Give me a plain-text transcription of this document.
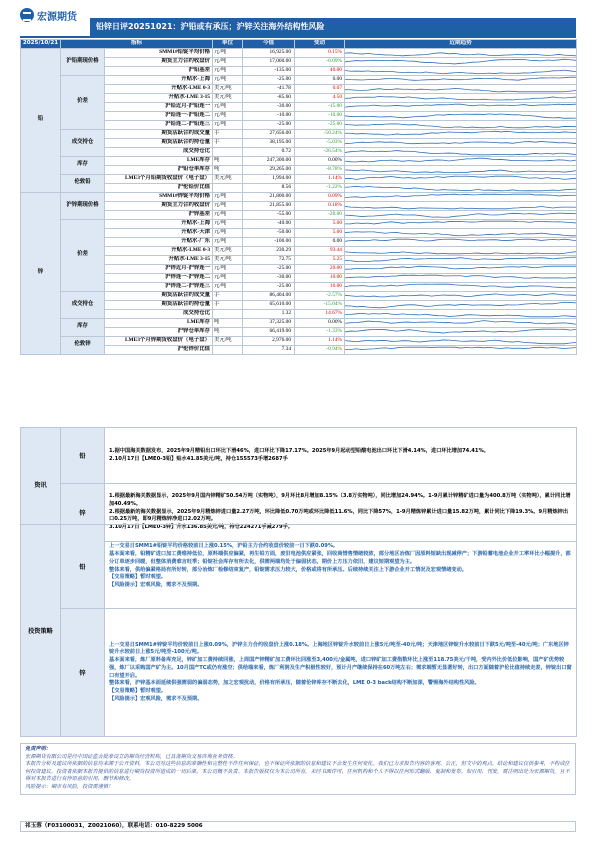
宏源期货
铅锌日评20251021：沪铅或有承压；沪锌关注海外结构性风险
2025/10/21	指标		单位	今值	变动	近期趋势
铅	沪铅期现价格	SMM1#铅锭平均价格	元/吨	16,925.00	0.15%	

		期货主力合约收盘价	元/吨	17,060.00	-0.09%	

		沪铅基差	元/吨	-135.00	40.00	

	价差	升贴水-上海	元/吨	-25.00	0.00	

		升贴水-LME 0-3	美元/吨	-41.78	0.07	

		升贴水-LME 3-15	美元/吨	-85.60	4.50	

		沪铅近月-沪铅连一	元/吨	-30.00	-15.00	

		沪铅连一-沪铅连二	元/吨	-10.00	-10.00	

		沪铅连二-沪铅连三	元/吨	-25.00	-25.00	

	成交持仓	期货活跃合约成交量	手	27,656.00	-50.24%	

		期货活跃合约持仓量	手	38,195.00	-5.03%	

		成交持仓比		0.72	-26.54%	

	库存	LME库存	吨	247,300.00	0.00%	

		沪铅仓单库存	吨	29,265.00	-8.78%	

	伦敦铅	LME3个月铅期货收盘价（电子盘）	美元/吨	1,994.00	1.14%	

		沪伦铅价比值		8.56	-1.22%	

锌	沪锌期现价格	SMM1#锌锭平均价格	元/吨	21,800.00	0.09%	

		期货主力合约收盘价	元/吨	21,855.00	0.18%	

		沪锌基差	元/吨	-55.00	-20.00	

	价差	升贴水-上海	元/吨	-40.00	5.00	

		升贴水-天津	元/吨	-50.00	5.00	

		升贴水-广东	元/吨	-100.00	0.00	

		升贴水-LME 0-3	美元/吨	230.29	93.44	

		升贴水-LME 3-15	美元/吨	72.75	5.25	

		沪锌近月-沪锌连一	元/吨	-25.00	20.00	

		沪锌连一-沪锌连二	元/吨	-30.00	10.00	

		沪锌连二-沪锌连三	元/吨	-25.00	10.00	

	成交持仓	期货活跃合约成交量	手	86,404.00	-2.57%	

		期货活跃合约持仓量	手	65,610.00	-15.04%	

		成交持仓比		1.32	14.67%	

	库存	LME库存	吨	37,325.00	0.00%	

		沪锌仓单库存	吨	66,419.00	-1.33%	

	伦敦锌	LME3个月锌期货收盘价（电子盘）	美元/吨	2,976.00	1.14%	

		沪伦锌价比值		7.34	-0.94%	
资讯	铅	1.据中国海关数据发布，2025年9月精铅出口环比下滑46%，进口环比下降17.17%。2025年9月起动型铅酸电池出口环比下滑4.14%，进口环比增加74.41%。

2.10月17日【LME0-3铅】贴水41.85美元/吨，持仓155573手增2687手

	锌	1.根据最新海关数据显示，2025年9月国内锌精矿50.54万吨（实物吨），9月环比8月增加8.15%（3.8万实物吨），同比增加24.94%。1-9月累计锌精矿进口量为400.8万吨（实物吨），累计同比增加40.49%。

2.根据最新的海关数据显示，2025年9月精炼锌进口量2.27万吨，环比降低0.70万吨或环比降低11.6%，同比下降57%，1-9月精炼锌累计进口量15.82万吨，累计同比下降19.3%。9月精炼锌出口0.25万吨，即9月精炼锌净进口2.02万吨。

3.10月17日【LME0-3锌】升水136.85美元/吨，持仓224271手减279手。

投资策略	铅	上一交易日SMM1#铅锭平均价格较前日上涨0.15%，沪铅主力合约收盘价较前一日下跌0.09%。

基本面来看，铅精矿进口加工费维持低位，原料端供应偏紧，再生铅方面，废旧电池供应紧张，回收商惜售情绪较浓，部分地区冶炼厂因原料短缺出现减停产；下游铅蓄电池企业开工率环比小幅提升，部分订单逐步回暖，但整体消费难言旺季；铅锭社会库存有所去化，供需两端均处于偏弱状态，期价上方压力依旧，建议短期观望为主。

整体来看，供给偏紧格局有所好转，部分冶炼厂检修结束复产，铅锭需求压力较大，价格或将有所承压。后续持续关注上下游企业开工情况及宏观情绪变动。

【交易策略】暂时观望。

【风险提示】宏观风险，需求不及预期。

	锌	上一交易日SMM1#锌锭平均价较前日上涨0.09%，沪锌主力合约收盘价上涨0.18%。上海地区锌锭升水较前日上涨5元/吨至-40元/吨；天津地区锌锭升水较前日下跌5元/吨至-40元/吨；广东地区锌锭升水较前日上涨5元/吨至-100元/吨。

基本面来看，炼厂原料备库充足，锌矿加工费持续回涨，上周国产锌精矿加工费环比回涨至3,400元/金属吨，进口锌矿加工费指数环比上涨至118.75美元/干吨，受内外比价低位影响，国产矿优势较强，炼厂以采购国产矿为主。10月国产TC或仍有涨空；供给端来看，炼厂利润及生产积极性较好，预计月产继续保持在60万吨左右；需求端暂无显著好转，出口方面随着沪伦比值持续走差，锌锭出口窗口有望开启。

整体来看，沪锌基本面延续供强需弱的偏弱态势，加之宏观扰动，价格有所承压，随着伦锌库存不断去化，LME 0-3 back结构不断加深，警惕海外结构性风险。

【交易策略】暂时观望。

【风险提示】宏观风险，需求不及预期。

免责声明：

宏源期货有限公司是经中国证监会批准设立的期货经营机构，已具备期货交易咨询业务资格。

本报告分析及建议所依据的信息均来源于公开资料，本公司对这些信息的准确性和完整性不作任何保证，也不保证所依据的信息和建议不会发生任何变化。我们已力求报告内容的客观、公正，但文中的观点、结论和建议仅供参考，不构成任何投资建议。投资者依据本报告提供的信息进行期货投资所造成的一切后果，本公司概不负责。本报告版权仅为本公司所有，未经书面许可，任何机构和个人不得以任何形式翻版、复制和发布。如引用、刊发，需注明出处为宏源期货，且不得对本报告进行有悖原意的引用、删节和修改。

风险提示：期市有风险，投资需谨慎！

祁玉蓉（F03100031，Z0021060），联系电话：010-8229 5006
